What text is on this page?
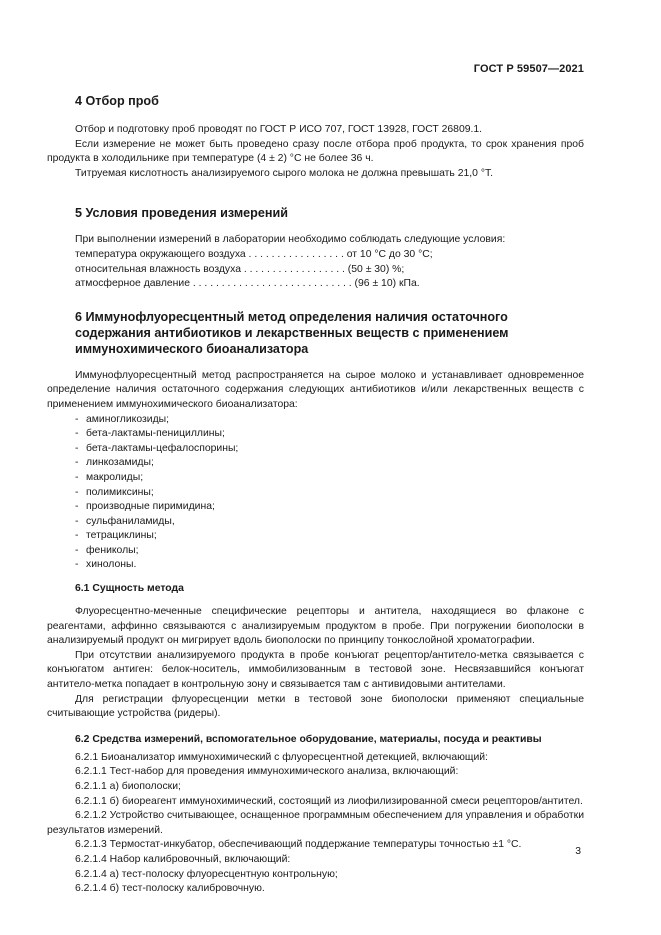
ГОСТ Р 59507—2021
4 Отбор проб

Отбор и подготовку проб проводят по ГОСТ Р ИСО 707, ГОСТ 13928, ГОСТ 26809.1.

Если измерение не может быть проведено сразу после отбора проб продукта, то срок хранения проб продукта в холодильнике при температуре (4 ± 2) °С не более 36 ч.

Титруемая кислотность анализируемого сырого молока не должна превышать 21,0 °Т.

5 Условия проведения измерений

При выполнении измерений в лаборатории необходимо соблюдать следующие условия:

температура окружающего воздуха . . . . . . . . . . . . . . . . . от 10 °С до 30 °С;
относительная влажность воздуха . . . . . . . . . . . . . . . . . . (50 ± 30) %;
атмосферное давление . . . . . . . . . . . . . . . . . . . . . . . . . . . . (96 ± 10) кПа.
6 Иммунофлуоресцентный метод определения наличия остаточного
содержания антибиотиков и лекарственных веществ с применением
иммунохимического биоанализатора

Иммунофлуоресцентный метод распространяется на сырое молоко и устанавливает одновременное определение наличия остаточного содержания следующих антибиотиков и/или лекарственных веществ с применением иммунохимического биоанализатора:

- аминогликозиды;
- бета-лактамы-пенициллины;
- бета-лактамы-цефалоспорины;
- линкозамиды;
- макролиды;
- полимиксины;
- производные пиримидина;
- сульфаниламиды,
- тетрациклины;
- фениколы;
- хинолоны.
6.1 Сущность метода

Флуоресцентно-меченные специфические рецепторы и антитела, находящиеся во флаконе с реагентами, аффинно связываются с анализируемым продуктом в пробе. При погружении биополоски в анализируемый продукт он мигрирует вдоль биополоски по принципу тонкослойной хроматографии.

При отсутствии анализируемого продукта в пробе конъюгат рецептор/антитело-метка связывается с конъюгатом антиген: белок-носитель, иммобилизованным в тестовой зоне. Несвязавшийся конъюгат антитело-метка попадает в контрольную зону и связывается там с антивидовыми антителами.

Для регистрации флуоресценции метки в тестовой зоне биополоски применяют специальные считывающие устройства (ридеры).

6.2 Средства измерений, вспомогательное оборудование, материалы, посуда и реактивы

6.2.1 Биоанализатор иммунохимический с флуоресцентной детекцией, включающий:

6.2.1.1 Тест-набор для проведения иммунохимического анализа, включающий:

6.2.1.1 а) биополоски;

6.2.1.1 б) биореагент иммунохимический, состоящий из лиофилизированной смеси рецепторов/антител.

6.2.1.2 Устройство считывающее, оснащенное программным обеспечением для управления и обработки результатов измерений.

6.2.1.3 Термостат-инкубатор, обеспечивающий поддержание температуры точностью ±1 °С.

6.2.1.4 Набор калибровочный, включающий:

6.2.1.4 а) тест-полоску флуоресцентную контрольную;

6.2.1.4 б) тест-полоску калибровочную.

3
